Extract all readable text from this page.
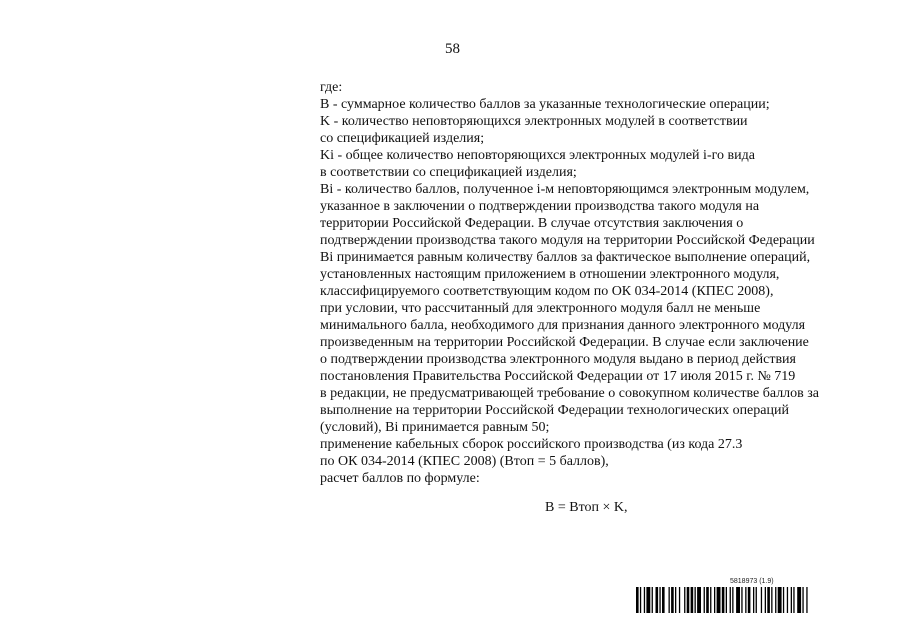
58
где:
B - суммарное количество баллов за указанные технологические операции;
K - количество неповторяющихся электронных модулей в соответствии
со спецификацией изделия;
Ki - общее количество неповторяющихся электронных модулей i-го вида
в соответствии со спецификацией изделия;
Bi - количество баллов, полученное i-м неповторяющимся электронным модулем,
указанное в заключении о подтверждении производства такого модуля на
территории Российской Федерации. В случае отсутствия заключения о
подтверждении производства такого модуля на территории Российской Федерации
Bi принимается равным количеству баллов за фактическое выполнение операций,
установленных настоящим приложением в отношении электронного модуля,
классифицируемого соответствующим кодом по ОК 034-2014 (КПЕС 2008),
при условии, что рассчитанный для электронного модуля балл не меньше
минимального балла, необходимого для признания данного электронного модуля
произведенным на территории Российской Федерации. В случае если заключение
о подтверждении производства электронного модуля выдано в период действия
постановления Правительства Российской Федерации от 17 июля 2015 г. № 719
в редакции, не предусматривающей требование о совокупном количестве баллов за
выполнение на территории Российской Федерации технологических операций
(условий), Bi принимается равным 50;
применение кабельных сборок российского производства (из кода 27.3
по ОК 034-2014 (КПЕС 2008) (Bтоп = 5 баллов),
расчет баллов по формуле:
B = Bтоп × K,
5818973 (1.9)
